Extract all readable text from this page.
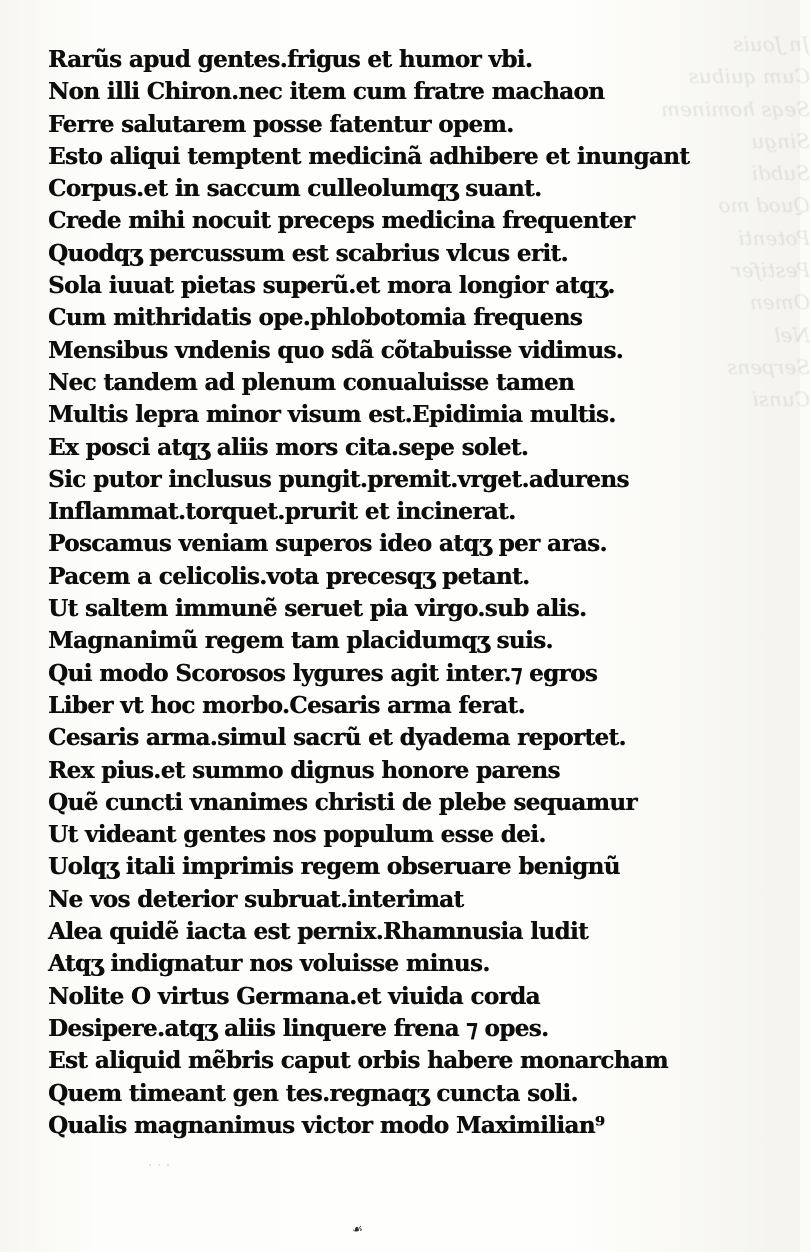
Jn Jouis
Cum quibus
Seqs hominem
Singu
Subdi
Quod mo
Potenti
Pestifer
Omen
Nel
Serpens
Cunsi
Rarũs apud gentes.frigus et humor vbi.
Non illi Chiron.nec item cum fratre machaon
Ferre salutarem posse fatentur opem.
Esto aliqui temptent medicinã adhibere et inungant
Corpus.et in saccum culleolumqʒ suant.
Crede mihi nocuit preceps medicina frequenter
Quodqʒ percussum est scabrius vlcus erit.
Sola iuuat pietas superũ.et mora longior atqʒ.
Cum mithridatis ope.phlobotomia frequens
Mensibus vndenis quo sdã cõtabuisse vidimus.
Nec tandem ad plenum conualuisse tamen
Multis lepra minor visum est.Epidimia multis.
Ex posci atqʒ aliis mors cita.sepe solet.
Sic putor inclusus pungit.premit.vrget.adurens
Inflammat.torquet.prurit et incinerat.
Poscamus veniam superos ideo atqʒ per aras.
Pacem a celicolis.vota precesqʒ petant.
Ut saltem immunẽ seruet pia virgo.sub alis.
Magnanimũ regem tam placidumqʒ suis.
Qui modo Scorosos lygures agit inter.⁊ egros
Liber vt hoc morbo.Cesaris arma ferat.
Cesaris arma.simul sacrũ et dyadema reportet.
Rex pius.et summo dignus honore parens
Quẽ cuncti vnanimes christi de plebe sequamur
Ut videant gentes nos populum esse dei.
Uolqʒ itali imprimis regem obseruare benignũ
Ne vos deterior subruat.interimat
Alea quidẽ iacta est pernix.Rhamnusia ludit
Atqʒ indignatur nos voluisse minus.
Nolite O virtus Germana.et viuida corda
Desipere.atqʒ aliis linquere frena ⁊ opes.
Est aliquid mẽbris caput orbis habere monarcham
Quem timeant gen tes.regnaqʒ cuncta soli.
Qualis magnanimus victor modo Maximilian⁹
· · ·
☙
